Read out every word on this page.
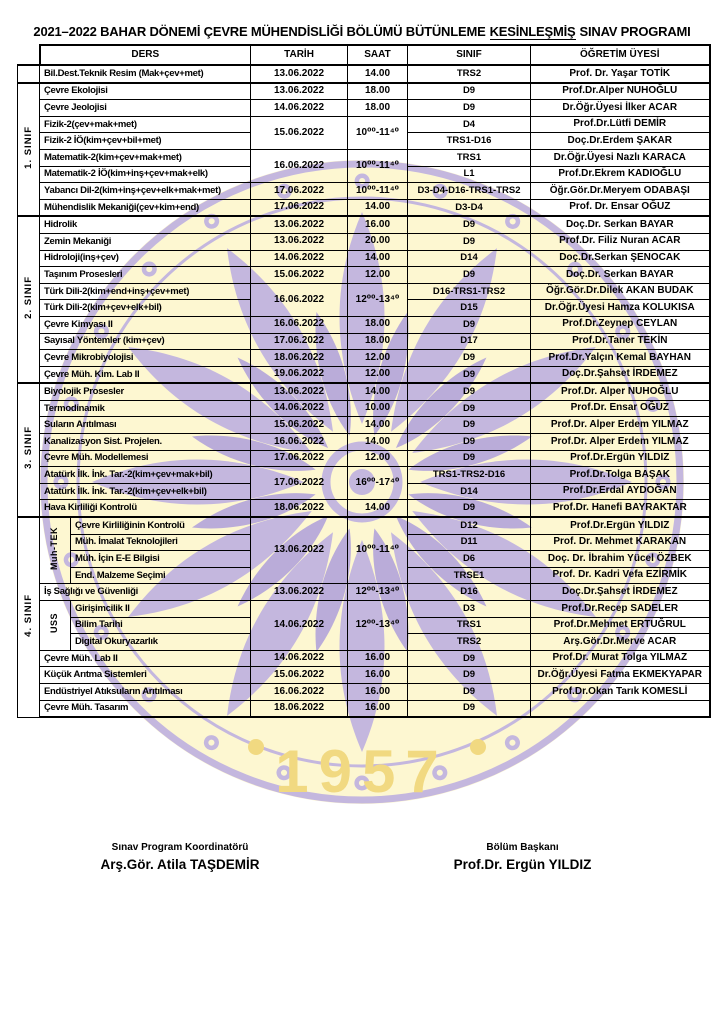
1957
2021–2022 BAHAR DÖNEMİ ÇEVRE MÜHENDİSLİĞİ BÖLÜMÜ BÜTÜNLEME KESİNLEŞMİŞ SINAV PROGRAMI
	DERS		TARİH	SAAT	SINIF	ÖĞRETİM ÜYESİ
	Bil.Dest.Teknik Resim (Mak+çev+met)		13.06.2022	14.00	TRS2	Prof. Dr. Yaşar TOTİK
1. SINIF	Çevre Ekolojisi		13.06.2022	18.00	D9	Prof.Dr.Alper NUHOĞLU
	Çevre Jeolojisi		14.06.2022	18.00	D9	Dr.Öğr.Üyesi İlker ACAR
	Fizik-2(çev+mak+met)		15.06.2022	10⁰⁰-11⁴⁰	D4	Prof.Dr.Lütfi DEMİR
	Fizik-2 İÖ(kim+çev+bil+met)				TRS1-D16	Doç.Dr.Erdem ŞAKAR
	Matematik-2(kim+çev+mak+met)		16.06.2022	10⁰⁰-11⁴⁰	TRS1	Dr.Öğr.Üyesi Nazlı KARACA
	Matematik-2 İÖ(kim+inş+çev+mak+elk)				L1	Prof.Dr.Ekrem KADIOĞLU
	Yabancı Dil-2(kim+inş+çev+elk+mak+met)		17.06.2022	10⁰⁰-11⁴⁰	D3-D4-D16-TRS1-TRS2	Öğr.Gör.Dr.Meryem ODABAŞI
	Mühendislik Mekaniği(çev+kim+end)		17.06.2022	14.00	D3-D4	Prof. Dr. Ensar OĞUZ
2. SINIF	Hidrolik		13.06.2022	16.00	D9	Doç.Dr. Serkan BAYAR
	Zemin Mekaniği		13.06.2022	20.00	D9	Prof.Dr. Filiz Nuran ACAR
	Hidroloji(inş+çev)		14.06.2022	14.00	D14	Doç.Dr.Serkan ŞENOCAK
	Taşınım Prosesleri		15.06.2022	12.00	D9	Doç.Dr. Serkan BAYAR
	Türk Dili-2(kim+end+inş+çev+met)		16.06.2022	12⁰⁰-13⁴⁰	D16-TRS1-TRS2	Öğr.Gör.Dr.Dilek AKAN BUDAK
	Türk Dili-2(kim+çev+elk+bil)				D15	Dr.Öğr.Üyesi Hamza KOLUKISA
	Çevre Kimyası II		16.06.2022	18.00	D9	Prof.Dr.Zeynep CEYLAN
	Sayısal Yöntemler (kim+çev)		17.06.2022	18.00	D17	Prof.Dr.Taner TEKİN
	Çevre Mikrobiyolojisi		18.06.2022	12.00	D9	Prof.Dr.Yalçın Kemal BAYHAN
	Çevre Müh. Kim. Lab II		19.06.2022	12.00	D9	Doç.Dr.Şahset İRDEMEZ
3. SINIF	Biyolojik Prosesler		13.06.2022	14.00	D9	Prof.Dr. Alper NUHOĞLU
	Termodinamik		14.06.2022	10.00	D9	Prof.Dr. Ensar OĞUZ
	Suların Arıtılması		15.06.2022	14.00	D9	Prof.Dr. Alper Erdem YILMAZ
	Kanalizasyon Sist. Projelen.		16.06.2022	14.00	D9	Prof.Dr. Alper Erdem YILMAZ
	Çevre Müh. Modellemesi		17.06.2022	12.00	D9	Prof.Dr.Ergün YILDIZ
	Atatürk İlk. İnk. Tar.-2(kim+çev+mak+bil)		17.06.2022	16⁰⁰-17⁴⁰	TRS1-TRS2-D16	Prof.Dr.Tolga BAŞAK
	Atatürk İlk. İnk. Tar.-2(kim+çev+elk+bil)				D14	Prof.Dr.Erdal AYDOĞAN
	Hava Kirliliği Kontrolü		18.06.2022	14.00	D9	Prof.Dr. Hanefi BAYRAKTAR
4. SINIF	Muh-TEK	Çevre Kirliliğinin Kontrolü	13.06.2022	10⁰⁰-11⁴⁰	D12	Prof.Dr.Ergün YILDIZ
		Müh. İmalat Teknolojileri			D11	Prof. Dr. Mehmet KARAKAN
		Müh. İçin E-E Bilgisi			D6	Doç. Dr. İbrahim Yücel ÖZBEK
		End. Malzeme Seçimi			TRSE1	Prof. Dr. Kadri Vefa EZİRMİK
	İş Sağlığı ve Güvenliği		13.06.2022	12⁰⁰-13⁴⁰	D16	Doç.Dr.Şahset İRDEMEZ
	USS	Girişimcilik II	14.06.2022	12⁰⁰-13⁴⁰	D3	Prof.Dr.Recep SADELER
		Bilim Tarihi			TRS1	Prof.Dr.Mehmet ERTUĞRUL
		Digital Okuryazarlık			TRS2	Arş.Gör.Dr.Merve ACAR
	Çevre Müh. Lab II		14.06.2022	16.00	D9	Prof.Dr. Murat Tolga YILMAZ
	Küçük Arıtma Sistemleri		15.06.2022	16.00	D9	Dr.Öğr.Üyesi Fatma EKMEKYAPAR
	Endüstriyel Atıksuların Arıtılması		16.06.2022	16.00	D9	Prof.Dr.Okan Tarık KOMESLİ
	Çevre Müh. Tasarım		18.06.2022	16.00	D9	
Sınav Program Koordinatörü
Arş.Gör. Atila TAŞDEMİR
Bölüm Başkanı
Prof.Dr. Ergün YILDIZ
